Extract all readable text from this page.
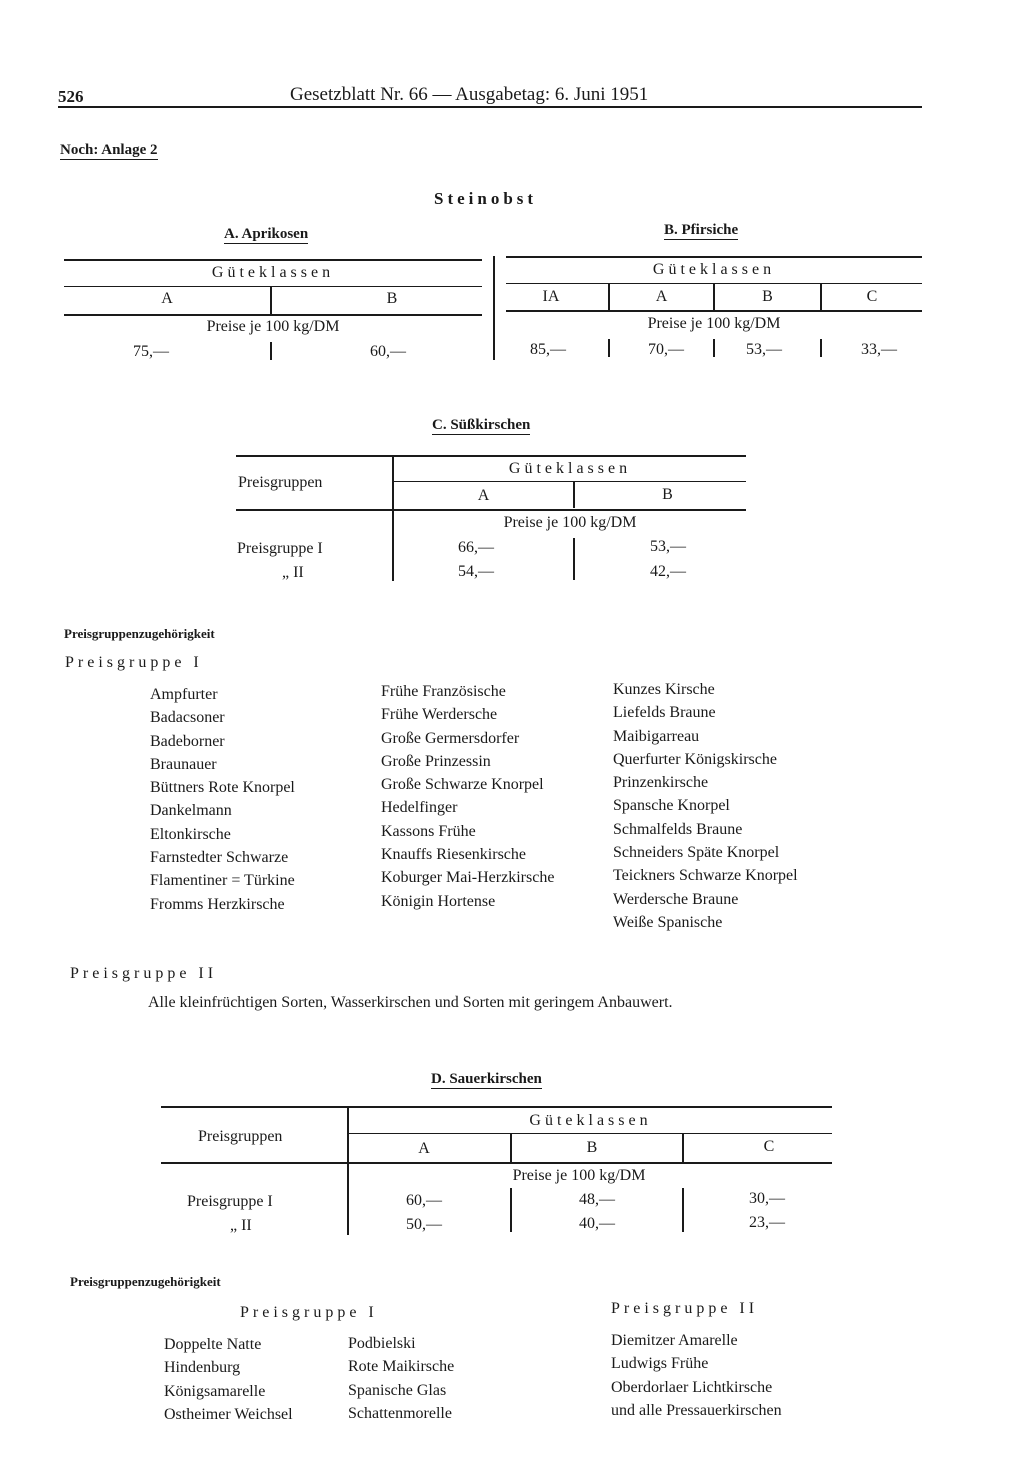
526	Gesetzblatt Nr. 66 — Ausgabetag: 6. Juni 1951
Noch: Anlage 2
Steinobst
A. Aprikosen
Güteklassen
A	B
Preise je 100 kg/DM
75,—	60,—
B. Pfirsiche
Güteklassen
IA	A	B	C
Preise je 100 kg/DM
85,—	70,—	53,—	33,—
C. Süßkirschen
Preisgruppen
Güteklassen
A	B
Preise je 100 kg/DM
Preisgruppe I	66,—	53,—
„ II	54,—	42,—
Preisgruppenzugehörigkeit
Preisgruppe I
Ampfurter
Badacsoner
Badeborner
Braunauer
Büttners Rote Knorpel
Dankelmann
Eltonkirsche
Farnstedter Schwarze
Flamentiner = Türkine
Fromms Herzkirsche
Frühe Französische
Frühe Werdersche
Große Germersdorfer
Große Prinzessin
Große Schwarze Knorpel
Hedelfinger
Kassons Frühe
Knauffs Riesenkirsche
Koburger Mai-Herzkirsche
Königin Hortense
Kunzes Kirsche
Liefelds Braune
Maibigarreau
Querfurter Königskirsche
Prinzenkirsche
Spansche Knorpel
Schmalfelds Braune
Schneiders Späte Knorpel
Teickners Schwarze Knorpel
Werdersche Braune
Weiße Spanische
Preisgruppe II
Alle kleinfrüchtigen Sorten, Wasserkirschen und Sorten mit geringem Anbauwert.
D. Sauerkirschen
Preisgruppen
Güteklassen
A	B	C
Preise je 100 kg/DM
Preisgruppe I	60,—	48,—	30,—
„ II	50,—	40,—	23,—
Preisgruppenzugehörigkeit
Preisgruppe I	Preisgruppe II
Doppelte Natte
Hindenburg
Königsamarelle
Ostheimer Weichsel
Podbielski
Rote Maikirsche
Spanische Glas
Schattenmorelle
Diemitzer Amarelle
Ludwigs Frühe
Oberdorlaer Lichtkirsche
und alle Pressauerkirschen
